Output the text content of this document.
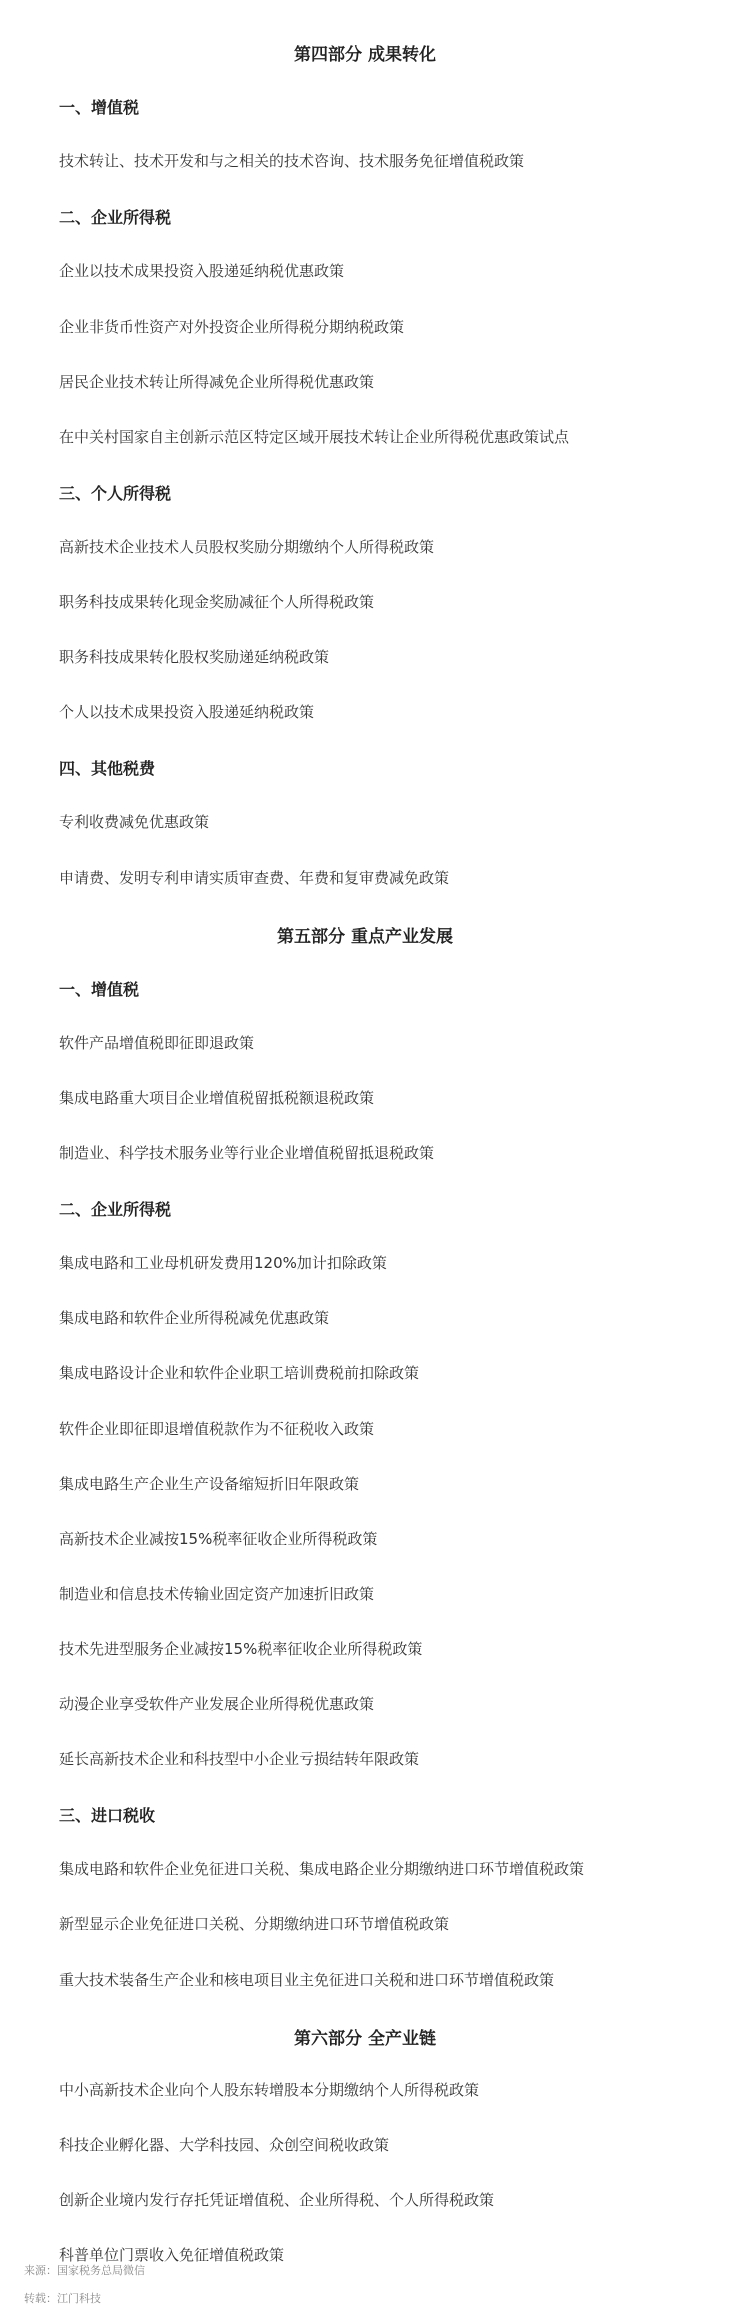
第四部分 成果转化
一、增值税
技术转让、技术开发和与之相关的技术咨询、技术服务免征增值税政策
二、企业所得税
企业以技术成果投资入股递延纳税优惠政策
企业非货币性资产对外投资企业所得税分期纳税政策
居民企业技术转让所得减免企业所得税优惠政策
在中关村国家自主创新示范区特定区域开展技术转让企业所得税优惠政策试点
三、个人所得税
高新技术企业技术人员股权奖励分期缴纳个人所得税政策
职务科技成果转化现金奖励减征个人所得税政策
职务科技成果转化股权奖励递延纳税政策
个人以技术成果投资入股递延纳税政策
四、其他税费
专利收费减免优惠政策
申请费、发明专利申请实质审查费、年费和复审费减免政策
第五部分 重点产业发展
一、增值税
软件产品增值税即征即退政策
集成电路重大项目企业增值税留抵税额退税政策
制造业、科学技术服务业等行业企业增值税留抵退税政策
二、企业所得税
集成电路和工业母机研发费用120%加计扣除政策
集成电路和软件企业所得税减免优惠政策
集成电路设计企业和软件企业职工培训费税前扣除政策
软件企业即征即退增值税款作为不征税收入政策
集成电路生产企业生产设备缩短折旧年限政策
高新技术企业减按15%税率征收企业所得税政策
制造业和信息技术传输业固定资产加速折旧政策
技术先进型服务企业减按15%税率征收企业所得税政策
动漫企业享受软件产业发展企业所得税优惠政策
延长高新技术企业和科技型中小企业亏损结转年限政策
三、进口税收
集成电路和软件企业免征进口关税、集成电路企业分期缴纳进口环节增值税政策
新型显示企业免征进口关税、分期缴纳进口环节增值税政策
重大技术装备生产企业和核电项目业主免征进口关税和进口环节增值税政策
第六部分 全产业链
中小高新技术企业向个人股东转增股本分期缴纳个人所得税政策
科技企业孵化器、大学科技园、众创空间税收政策
创新企业境内发行存托凭证增值税、企业所得税、个人所得税政策
科普单位门票收入免征增值税政策
来源：国家税务总局微信
转载：江门科技
